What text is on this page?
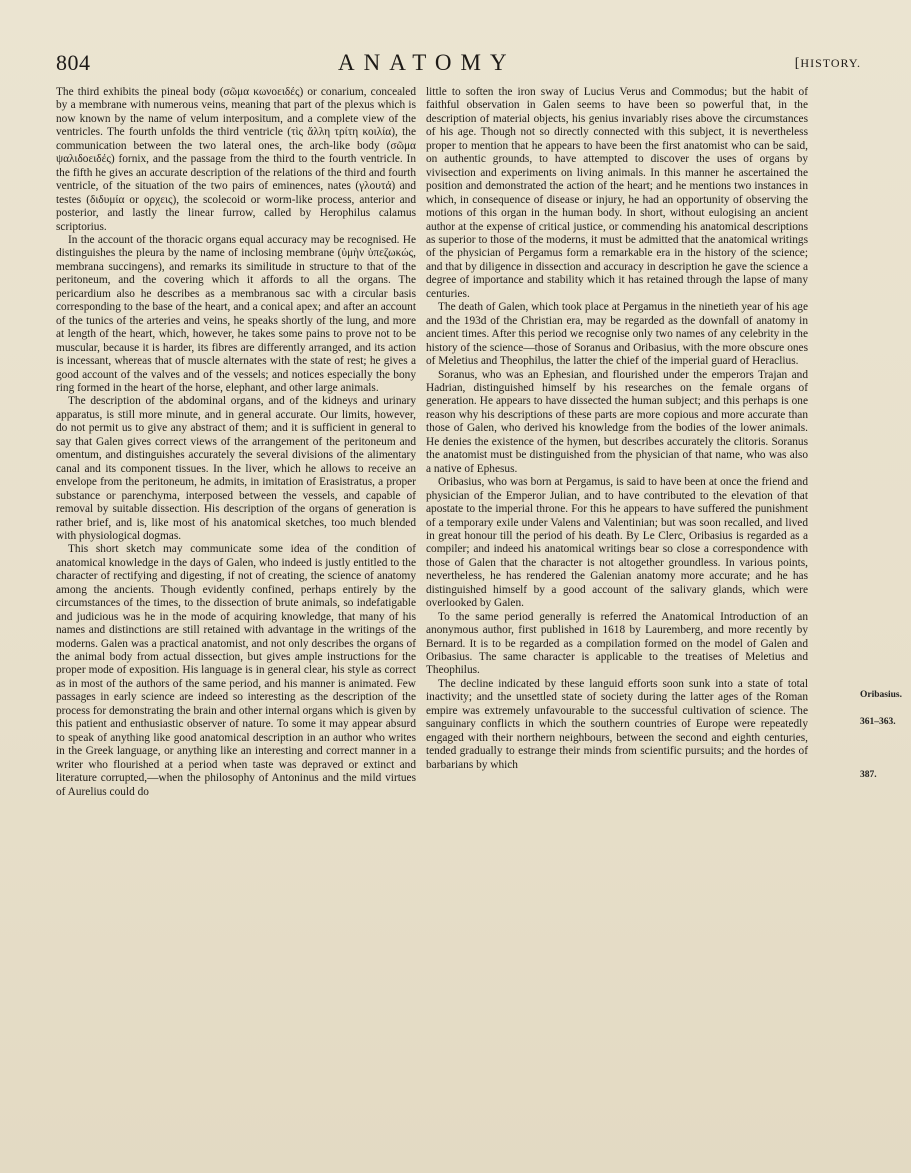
804	ANATOMY
[	HISTORY.

The third exhibits the pineal body (σῶμα κωνοειδές) or conarium, concealed by a membrane with numerous veins, meaning that part of the plexus which is now known by the name of velum interpositum, and a complete view of the ventricles. The fourth unfolds the third ventricle (τὶς ἄλλη τρίτη κοιλία), the communication between the two lateral ones, the arch-like body (σῶμα ψαλιδοειδές) fornix, and the passage from the third to the fourth ventricle. In the fifth he gives an accurate description of the relations of the third and fourth ventricle, of the situation of the two pairs of eminences, nates (γλουτά) and testes (διδυμία or ορχεις), the scolecoid or worm-like process, anterior and posterior, and lastly the linear furrow, called by Herophilus calamus scriptorius.

In the account of the thoracic organs equal accuracy may be recognised. He distinguishes the pleura by the name of inclosing membrane (ὑμὴν ὑπεζωκώς, membrana succingens), and remarks its similitude in structure to that of the peritoneum, and the covering which it affords to all the organs. The pericardium also he describes as a membranous sac with a circular basis corresponding to the base of the heart, and a conical apex; and after an account of the tunics of the arteries and veins, he speaks shortly of the lung, and more at length of the heart, which, however, he takes some pains to prove not to be muscular, because it is harder, its fibres are differently arranged, and its action is incessant, whereas that of muscle alternates with the state of rest; he gives a good account of the valves and of the vessels; and notices especially the bony ring formed in the heart of the horse, elephant, and other large animals.

The description of the abdominal organs, and of the kidneys and urinary apparatus, is still more minute, and in general accurate. Our limits, however, do not permit us to give any abstract of them; and it is sufficient in general to say that Galen gives correct views of the arrangement of the peritoneum and omentum, and distinguishes accurately the several divisions of the alimentary canal and its component tissues. In the liver, which he allows to receive an envelope from the peritoneum, he admits, in imitation of Erasistratus, a proper substance or parenchyma, interposed between the vessels, and capable of removal by suitable dissection. His description of the organs of generation is rather brief, and is, like most of his anatomical sketches, too much blended with physiological dogmas.

This short sketch may communicate some idea of the condition of anatomical knowledge in the days of Galen, who indeed is justly entitled to the character of rectifying and digesting, if not of creating, the science of anatomy among the ancients. Though evidently confined, perhaps entirely by the circumstances of the times, to the dissection of brute animals, so indefatigable and judicious was he in the mode of acquiring knowledge, that many of his names and distinctions are still retained with advantage in the writings of the moderns. Galen was a practical anatomist, and not only describes the organs of the animal body from actual dissection, but gives ample instructions for the proper mode of exposition. His language is in general clear, his style as correct as in most of the authors of the same period, and his manner is animated. Few passages in early science are indeed so interesting as the description of the process for demonstrating the brain and other internal organs which is given by this patient and enthusiastic observer of nature. To some it may appear absurd to speak of anything like good anatomical description in an author who writes in the Greek language, or anything like an interesting and correct manner in a writer who flourished at a period when taste was depraved or extinct and literature corrupted,—when the philosophy of Antoninus and the mild virtues of Aurelius could do

little to soften the iron sway of Lucius Verus and Commodus; but the habit of faithful observation in Galen seems to have been so powerful that, in the description of material objects, his genius invariably rises above the circumstances of his age. Though not so directly connected with this subject, it is nevertheless proper to mention that he appears to have been the first anatomist who can be said, on authentic grounds, to have attempted to discover the uses of organs by vivisection and experiments on living animals. In this manner he ascertained the position and demonstrated the action of the heart; and he mentions two instances in which, in consequence of disease or injury, he had an opportunity of observing the motions of this organ in the human body. In short, without eulogising an ancient author at the expense of critical justice, or commending his anatomical descriptions as superior to those of the moderns, it must be admitted that the anatomical writings of the physician of Pergamus form a remarkable era in the history of the science; and that by diligence in dissection and accuracy in description he gave the science a degree of importance and stability which it has retained through the lapse of many centuries.

The death of Galen, which took place at Pergamus in the ninetieth year of his age and the 193d of the Christian era, may be regarded as the downfall of anatomy in ancient times. After this period we recognise only two names of any celebrity in the history of the science—those of Soranus and Oribasius, with the more obscure ones of Meletius and Theophilus, the latter the chief of the imperial guard of Heraclius.

Soranus, who was an Ephesian, and flourished under the emperors Trajan and Hadrian, distinguished himself by his researches on the female organs of generation. He appears to have dissected the human subject; and this perhaps is one reason why his descriptions of these parts are more copious and more accurate than those of Galen, who derived his knowledge from the bodies of the lower animals. He denies the existence of the hymen, but describes accurately the clitoris. Soranus the anatomist must be distinguished from the physician of that name, who was also a native of Ephesus.

Oribasius, who was born at Pergamus, is said to have been at once the friend and physician of the Emperor Julian, and to have contributed to the elevation of that apostate to the imperial throne. For this he appears to have suffered the punishment of a temporary exile under Valens and Valentinian; but was soon recalled, and lived in great honour till the period of his death. By Le Clerc, Oribasius is regarded as a compiler; and indeed his anatomical writings bear so close a correspondence with those of Galen that the character is not altogether groundless. In various points, nevertheless, he has rendered the Galenian anatomy more accurate; and he has distinguished himself by a good account of the salivary glands, which were overlooked by Galen.

To the same period generally is referred the Anatomical Introduction of an anonymous author, first published in 1618 by Lauremberg, and more recently by Bernard. It is to be regarded as a compilation formed on the model of Galen and Oribasius. The same character is applicable to the treatises of Meletius and Theophilus.

The decline indicated by these languid efforts soon sunk into a state of total inactivity; and the unsettled state of society during the latter ages of the Roman empire was extremely unfavourable to the successful cultivation of science. The sanguinary conflicts in which the southern countries of Europe were repeatedly engaged with their northern neighbours, between the second and eighth centuries, tended gradually to estrange their minds from scientific pursuits; and the hordes of barbarians by which

Oribasius.
361–363.
387.
